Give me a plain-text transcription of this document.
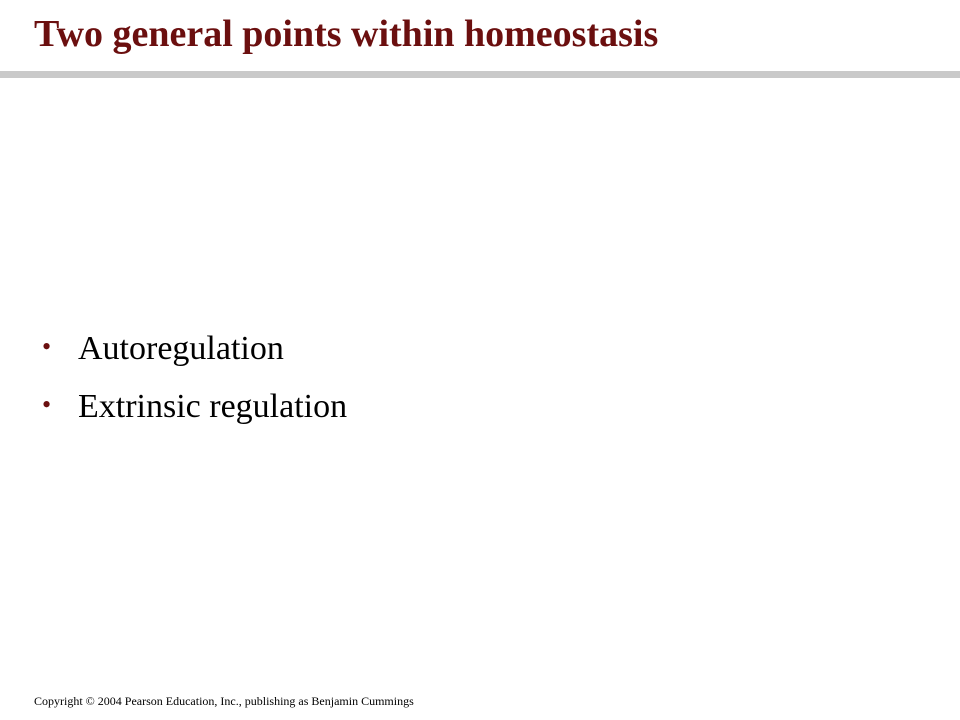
Two general points within homeostasis
• Autoregulation
• Extrinsic regulation
Copyright © 2004 Pearson Education, Inc., publishing as Benjamin Cummings
